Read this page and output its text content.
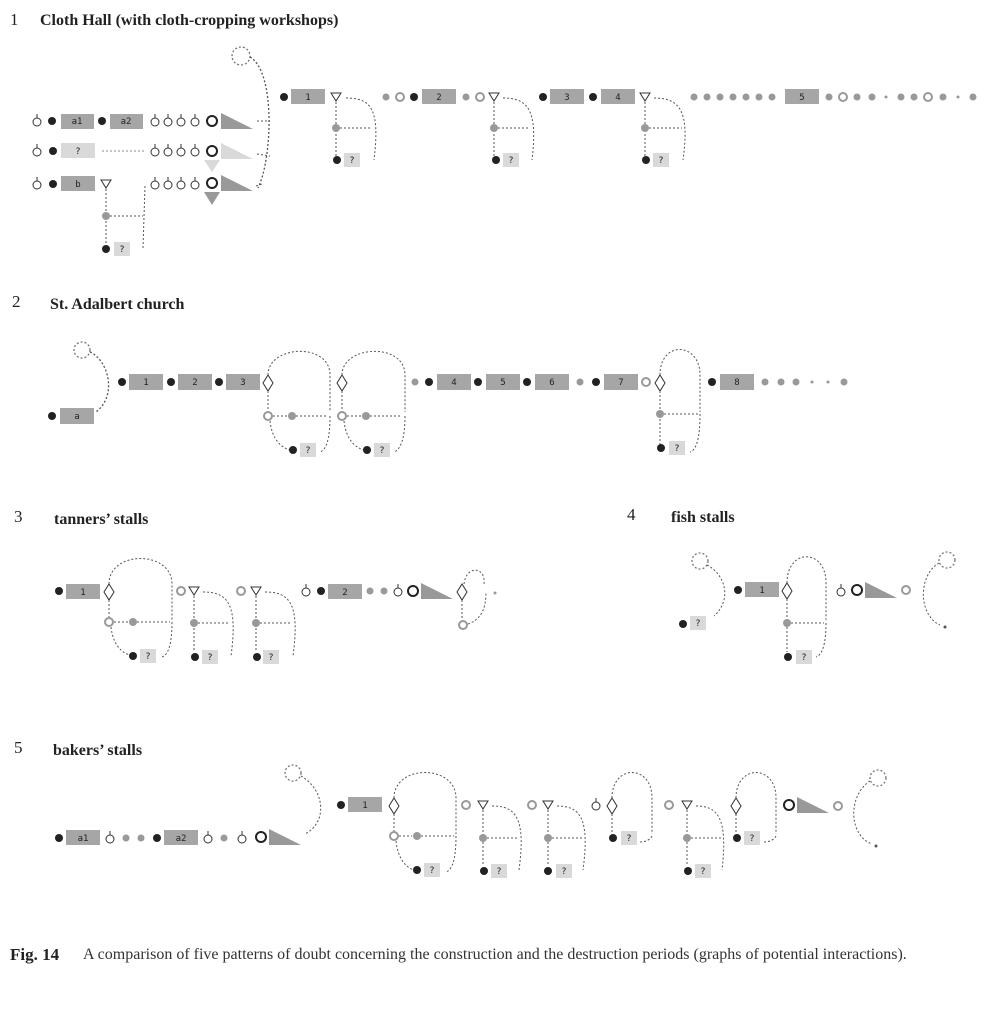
1 Cloth Hall (with cloth-cropping workshops)
2 St. Adalbert church
3 tanners’ stalls	4 fish stalls
5 bakers’ stalls
a1	a2
?
b
?
1
?
2
?
3	4
?
5
a
1	2	3
?	?
4	5	6	7
?
8
1
?	?	?
2
?
1
?
a1	a2
1
?	?	?
?
?
?
Fig. 14 A comparison of five patterns of doubt concerning the construction and the destruction periods (graphs of potential interactions).
